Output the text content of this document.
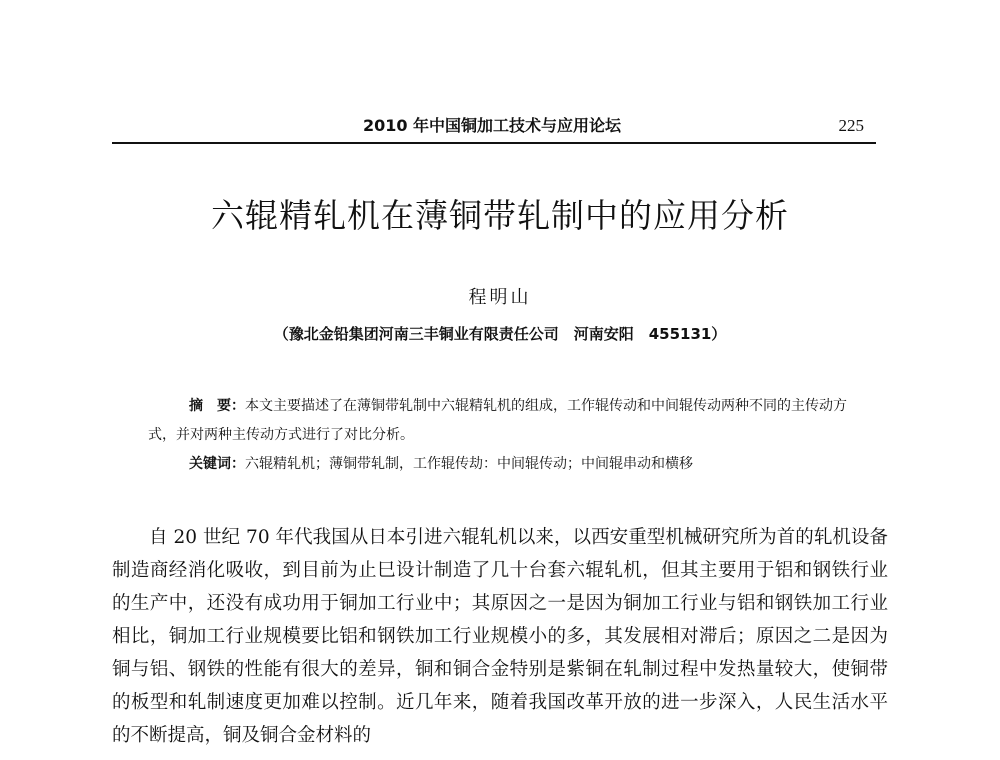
2010 年中国铜加工技术与应用论坛	225
六辊精轧机在薄铜带轧制中的应用分析
程明山
（豫北金铅集团河南三丰铜业有限责任公司　河南安阳　455131）

摘　要：本文主要描述了在薄铜带轧制中六辊精轧机的组成，工作辊传动和中间辊传动两种不同的主传动方式，并对两种主传动方式进行了对比分析。

关键词：六辊精轧机；薄铜带轧制，工作辊传劫：中间辊传动；中间辊串动和横移

自 20 世纪 70 年代我国从日本引进六辊轧机以来，以西安重型机械研究所为首的轧机设备制造商经消化吸收，到目前为止巳设计制造了几十台套六辊轧机，但其主要用于铝和钢铁行业的生产中，还没有成功用于铜加工行业中；其原因之一是因为铜加工行业与铝和钢铁加工行业相比，铜加工行业规模要比铝和钢铁加工行业规模小的多，其发展相对滞后；原因之二是因为铜与铝、钢铁的性能有很大的差异，铜和铜合金特别是紫铜在轧制过程中发热量较大，使铜带的板型和轧制速度更加难以控制。近几年来，随着我国改革开放的进一步深入，人民生活水平的不断提高，铜及铜合金材料的
